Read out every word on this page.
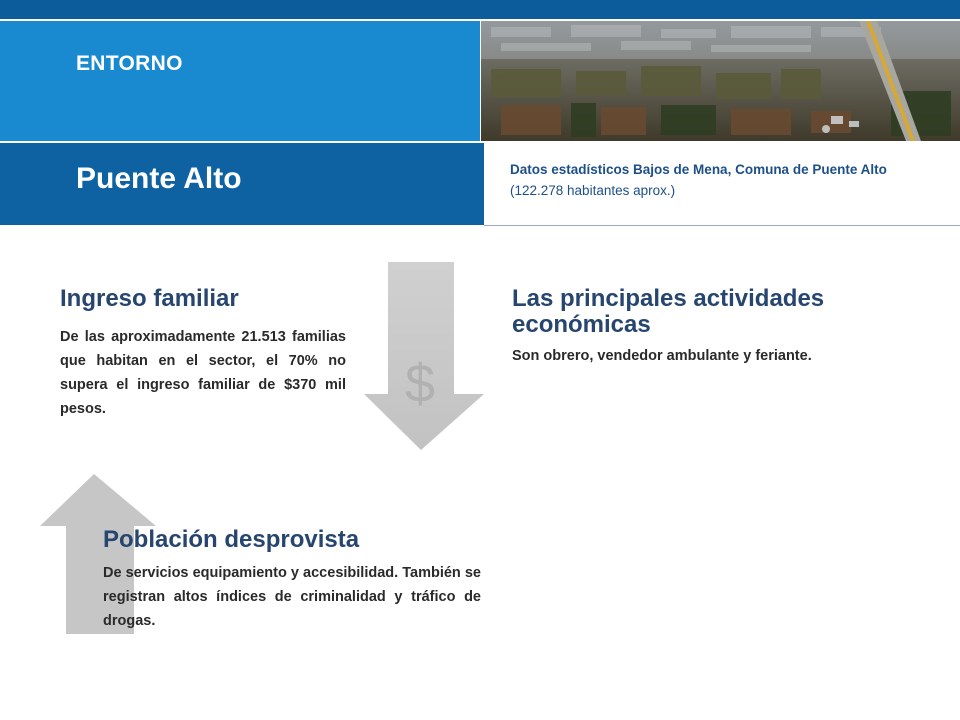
ENTORNO
Puente Alto	Datos estadísticos Bajos de Mena, Comuna de Puente Alto
(122.278 habitantes aprox.)
$
Ingreso familiar
De las aproximadamente 21.513 familias que habitan en el sector, el 70% no supera el ingreso familiar de $370 mil pesos.
Las principales actividades
económicas
Son obrero, vendedor ambulante y feriante.
Población desprovista
De servicios equipamiento y accesibilidad. También se registran altos índices de criminalidad y tráfico de drogas.
